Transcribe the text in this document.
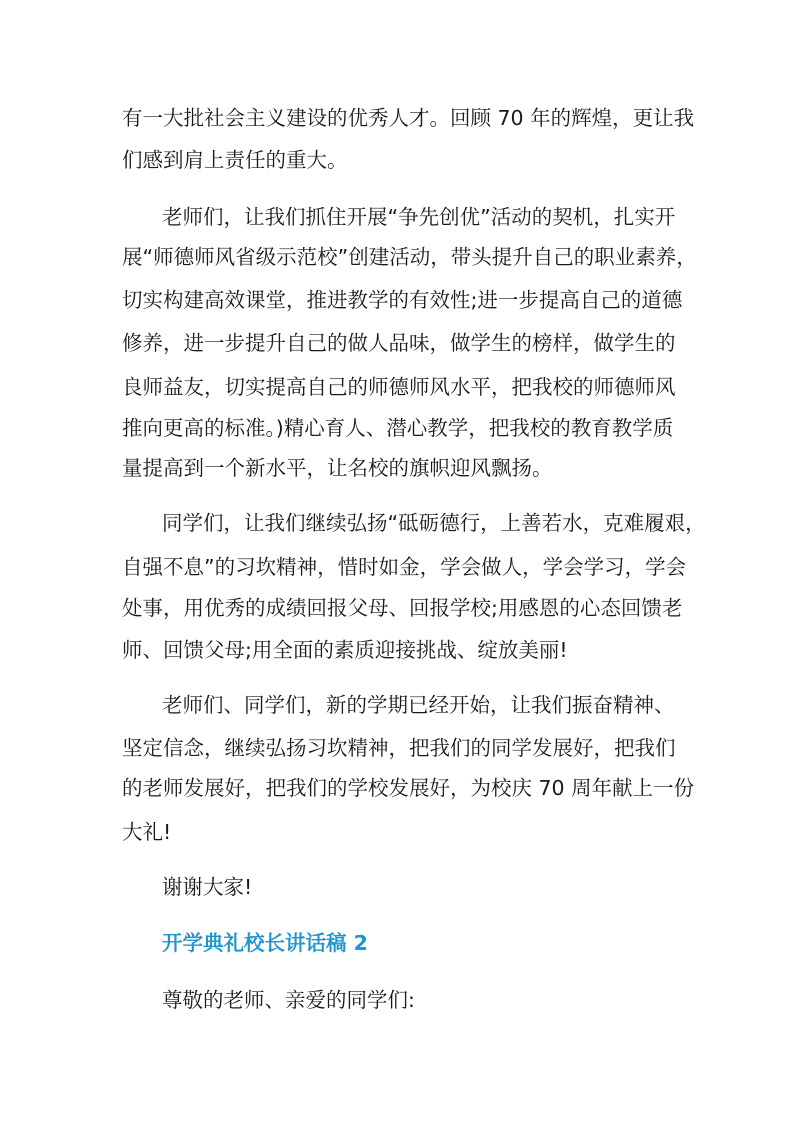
有一大批社会主义建设的优秀人才。回顾 70 年的辉煌，更让我
们感到肩上责任的重大。
老师们，让我们抓住开展“争先创优”活动的契机，扎实开
展“师德师风省级示范校”创建活动，带头提升自己的职业素养，
切实构建高效课堂，推进教学的有效性;进一步提高自己的道德
修养，进一步提升自己的做人品味，做学生的榜样，做学生的
良师益友，切实提高自己的师德师风水平，把我校的师德师风
推向更高的标准。)精心育人、潜心教学，把我校的教育教学质
量提高到一个新水平，让名校的旗帜迎风飘扬。
同学们，让我们继续弘扬“砥砺德行，上善若水，克难履艰，
自强不息”的习坎精神，惜时如金，学会做人，学会学习，学会
处事，用优秀的成绩回报父母、回报学校;用感恩的心态回馈老
师、回馈父母;用全面的素质迎接挑战、绽放美丽!
老师们、同学们，新的学期已经开始，让我们振奋精神、
坚定信念，继续弘扬习坎精神，把我们的同学发展好，把我们
的老师发展好，把我们的学校发展好，为校庆 70 周年献上一份
大礼!
谢谢大家!
开学典礼校长讲话稿 2
尊敬的老师、亲爱的同学们:
